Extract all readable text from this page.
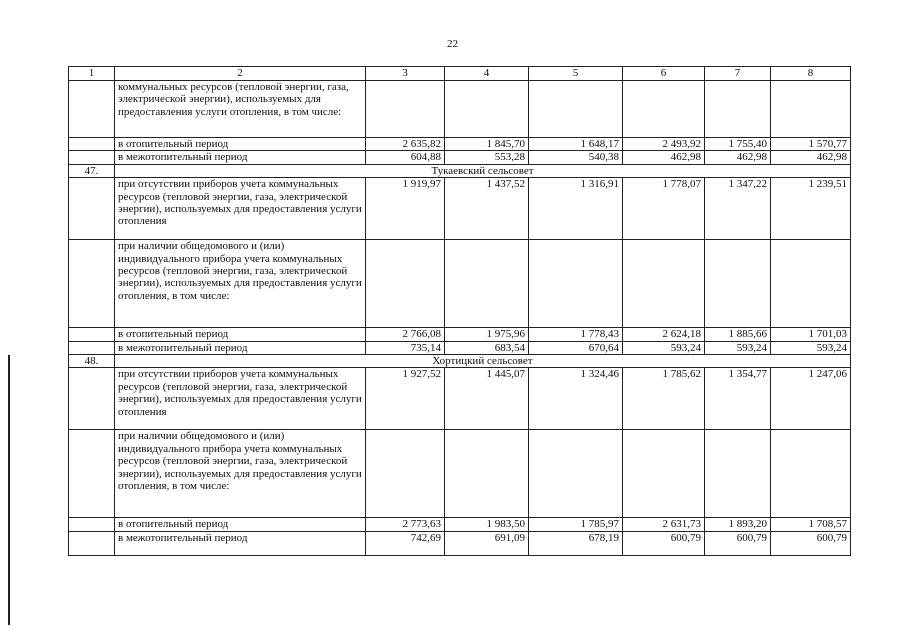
22
1	2	3	4	5	6	7	8
	коммунальных ресурсов (тепловой энергии, газа, электрической энергии), используемых для предоставления услуги отопления, в том числе:						
	в отопительный период	2 635,82	1 845,70	1 648,17	2 493,92	1 755,40	1 570,77
	в межотопительный период	604,88	553,28	540,38	462,98	462,98	462,98
47.	Тукаевский сельсовет						
	при отсутствии приборов учета коммунальных ресурсов (тепловой энергии, газа, электрической энергии), используемых для предоставления услуги отопления	1 919,97	1 437,52	1 316,91	1 778,07	1 347,22	1 239,51
	при наличии общедомового и (или) индивидуального прибора учета коммунальных ресурсов (тепловой энергии, газа, электрической энергии), используемых для предоставления услуги отопления, в том числе:						
	в отопительный период	2 766,08	1 975,96	1 778,43	2 624,18	1 885,66	1 701,03
	в межотопительный период	735,14	683,54	670,64	593,24	593,24	593,24
48.	Хортицкий сельсовет						
	при отсутствии приборов учета коммунальных ресурсов (тепловой энергии, газа, электрической энергии), используемых для предоставления услуги отопления	1 927,52	1 445,07	1 324,46	1 785,62	1 354,77	1 247,06
	при наличии общедомового и (или) индивидуального прибора учета коммунальных ресурсов (тепловой энергии, газа, электрической энергии), используемых для предоставления услуги отопления, в том числе:						
	в отопительный период	2 773,63	1 983,50	1 785,97	2 631,73	1 893,20	1 708,57
	в межотопительный период	742,69	691,09	678,19	600,79	600,79	600,79
